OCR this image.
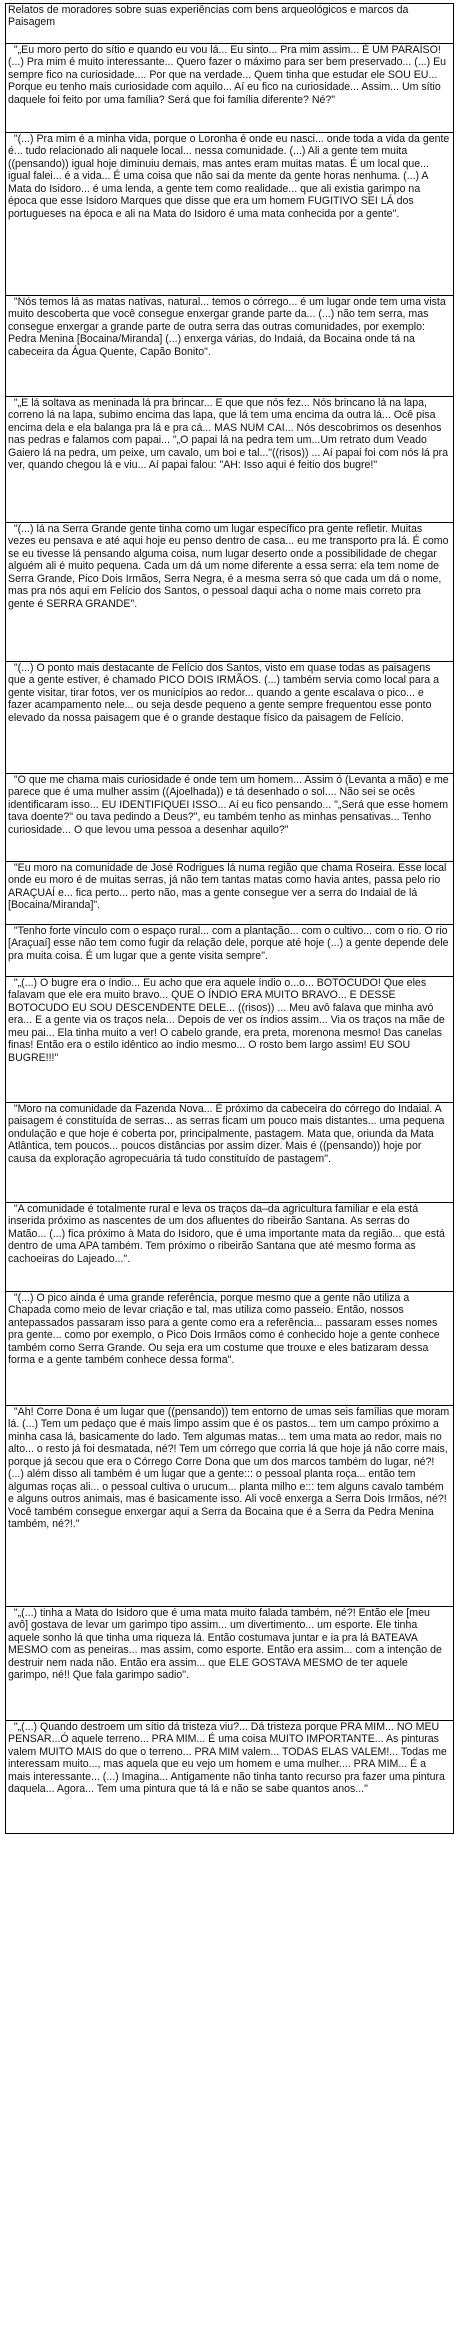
Relatos de moradores sobre suas experiências com bens arqueológicos e marcos da Paisagem
"„Eu moro perto do sítio e quando eu vou lá... Eu sinto... Pra mim assim... É UM PARAÍSO! (...) Pra mim é muito interessante... Quero fazer o máximo para ser bem preservado... (...) Eu sempre fico na curiosidade.... Por que na verdade... Quem tinha que estudar ele SOU EU... Porque eu tenho mais curiosidade com aquilo... Aí eu fico na curiosidade... Assim... Um sítio daquele foi feito por uma família? Será que foi família diferente? Né?"
"(...) Pra mim é a minha vida, porque o Loronha é onde eu nasci... onde toda a vida da gente é... tudo relacionado ali naquele local... nessa comunidade. (...) Ali a gente tem muita ((pensando)) igual hoje diminuiu demais, mas antes eram muitas matas. É um local que... igual falei... é a vida... É uma coisa que não sai da mente da gente horas nenhuma. (...) A Mata do Isidoro... é uma lenda, a gente tem como realidade... que ali existia garimpo na época que esse Isidoro Marques que disse que era um homem FUGITIVO SEI LÁ dos portugueses na época e ali na Mata do Isidoro é uma mata conhecida por a gente".
"Nós temos lá as matas nativas, natural... temos o córrego... é um lugar onde tem uma vista muito descoberta que você consegue enxergar grande parte da... (...) não tem serra, mas consegue enxergar a grande parte de outra serra das outras comunidades, por exemplo: Pedra Menina [Bocaina/Miranda] (...) enxerga várias, do Indaiá, da Bocaina onde tá na cabeceira da Água Quente, Capão Bonito".
"„E lá soltava as meninada lá pra brincar... E que que nós fez... Nós brincano lá na lapa, correno lá na lapa, subimo encima das lapa, que lá tem uma encima da outra lá... Ocê pisa encima dela e ela balanga pra lá e pra cá... MAS NUM CAI... Nós descobrimos os desenhos nas pedras e falamos com papai... "„O papai lá na pedra tem um...Um retrato dum Veado Gaiero lá na pedra, um peixe, um cavalo, um boi e tal..."((risos)) ... Aí papai foi com nós lá pra ver, quando chegou lá e viu... Aí papai falou: "AH: Isso aqui é feitio dos bugre!"
"(...) lá na Serra Grande gente tinha como um lugar específico pra gente refletir. Muitas vezes eu pensava e até aqui hoje eu penso dentro de casa... eu me transporto pra lá. É como se eu tivesse lá pensando alguma coisa, num lugar deserto onde a possibilidade de chegar alguém ali é muito pequena. Cada um dá um nome diferente a essa serra: ela tem nome de Serra Grande, Pico Dois Irmãos, Serra Negra, é a mesma serra só que cada um dá o nome, mas pra nós aqui em Felício dos Santos, o pessoal daqui acha o nome mais correto pra gente é SERRA GRANDE".
"(...) O ponto mais destacante de Felício dos Santos, visto em quase todas as paisagens que a gente estiver, é chamado PICO DOIS IRMÃOS. (...) também servia como local para a gente visitar, tirar fotos, ver os municípios ao redor... quando a gente escalava o pico... e fazer acampamento nele... ou seja desde pequeno a gente sempre frequentou esse ponto elevado da nossa paisagem que é o grande destaque físico da paisagem de Felício.
"O que me chama mais curiosidade é onde tem um homem... Assim ó (Levanta a mão) e me parece que é uma mulher assim ((Ajoelhada)) e tá desenhado o sol.... Não sei se ocês identificaram isso... EU IDENTIFIQUEI ISSO... Aí eu fico pensando... "„Será que esse homem tava doente?" ou tava pedindo a Deus?", eu também tenho as minhas pensativas... Tenho curiosidade... O que levou uma pessoa a desenhar aquilo?"
"Eu moro na comunidade de José Rodrigues lá numa região que chama Roseira. Esse local onde eu moro é de muitas serras, já não tem tantas matas como havia antes, passa pelo rio ARAÇUAÍ e... fica perto... perto não, mas a gente consegue ver a serra do Indaial de lá [Bocaina/Miranda]".
"Tenho forte vínculo com o espaço rural... com a plantação... com o cultivo... com o rio. O rio [Araçuaí] esse não tem como fugir da relação dele, porque até hoje (...) a gente depende dele pra muita coisa. É um lugar que a gente visita sempre".
"„(...) O bugre era o índio... Eu acho que era aquele índio o...o... BOTOCUDO! Que eles falavam que ele era muito bravo... QUE O ÍNDIO ERA MUITO BRAVO... E DESSE BOTOCUDO EU SOU DESCENDENTE DELE... ((risos)) ... Meu avô falava que minha avó era... E a gente via os traços nela... Depois de ver os índios assim... Via os traços na mãe de meu pai... Ela tinha muito a ver! O cabelo grande, era preta, morenona mesmo! Das canelas finas! Então era o estilo idêntico ao índio mesmo... O rosto bem largo assim! EU SOU BUGRE!!!"
"Moro na comunidade da Fazenda Nova... É próximo da cabeceira do córrego do Indaial. A paisagem é constituída de serras... as serras ficam um pouco mais distantes... uma pequena ondulação e que hoje é coberta por, principalmente, pastagem. Mata que, oriunda da Mata Atlântica, tem poucos... poucos distâncias por assim dizer. Mais é ((pensando)) hoje por causa da exploração agropecuária tá tudo constituído de pastagem".
"A comunidade é totalmente rural e leva os traços da–da agricultura familiar e ela está inserida próximo as nascentes de um dos afluentes do ribeirão Santana. As serras do Matão... (...) fica próximo à Mata do Isidoro, que é uma importante mata da região... que está dentro de uma APA também. Tem próximo o ribeirão Santana que até mesmo forma as cachoeiras do Lajeado...".
"(...) O pico ainda é uma grande referência, porque mesmo que a gente não utiliza a Chapada como meio de levar criação e tal, mas utiliza como passeio. Então, nossos antepassados passaram isso para a gente como era a referência... passaram esses nomes pra gente... como por exemplo, o Pico Dois Irmãos como é conhecido hoje a gente conhece também como Serra Grande. Ou seja era um costume que trouxe e eles batizaram dessa forma e a gente também conhece dessa forma".
"Ah! Corre Dona é um lugar que ((pensando)) tem entorno de umas seis famílias que moram lá. (...) Tem um pedaço que é mais limpo assim que é os pastos... tem um campo próximo a minha casa lá, basicamente do lado. Tem algumas matas... tem uma mata ao redor, mais no alto... o resto já foi desmatada, né?! Tem um córrego que corria lá que hoje já não corre mais, porque já secou que era o Córrego Corre Dona que um dos marcos também do lugar, né?! (...) além disso ali também é um lugar que a gente::: o pessoal planta roça... então tem algumas roças ali... o pessoal cultiva o urucum... planta milho e::: tem alguns cavalo também e alguns outros animais, mas é basicamente isso. Ali você enxerga a Serra Dois Irmãos, né?! Você também consegue enxergar aqui a Serra da Bocaina que é a Serra da Pedra Menina também, né?!."
"„(...) tinha a Mata do Isidoro que é uma mata muito falada também, né?! Então ele [meu avô] gostava de levar um garimpo tipo assim... um divertimento... um esporte. Ele tinha aquele sonho lá que tinha uma riqueza lá. Então costumava juntar e ia pra lá BATEAVA MESMO com as peneiras... mas assim, como esporte. Então era assim... com a intenção de destruir nem nada não. Então era assim... que ELE GOSTAVA MESMO de ter aquele garimpo, né!! Que fala garimpo sadio".
"„(...) Quando destroem um sítio dá tristeza viu?... Dá tristeza porque PRA MIM... NO MEU PENSAR...Ó aquele terreno... PRA MIM... É uma coisa MUITO IMPORTANTE... As pinturas valem MUITO MAIS do que o terreno... PRA MIM valem... TODAS ELAS VALEM!... Todas me interessam muito..., mas aquela que eu vejo um homem e uma mulher.... PRA MIM... É a mais interessante... (...) Imagina... Antigamente não tinha tanto recurso pra fazer uma pintura daquela... Agora... Tem uma pintura que tá lá e não se sabe quantos anos..."
